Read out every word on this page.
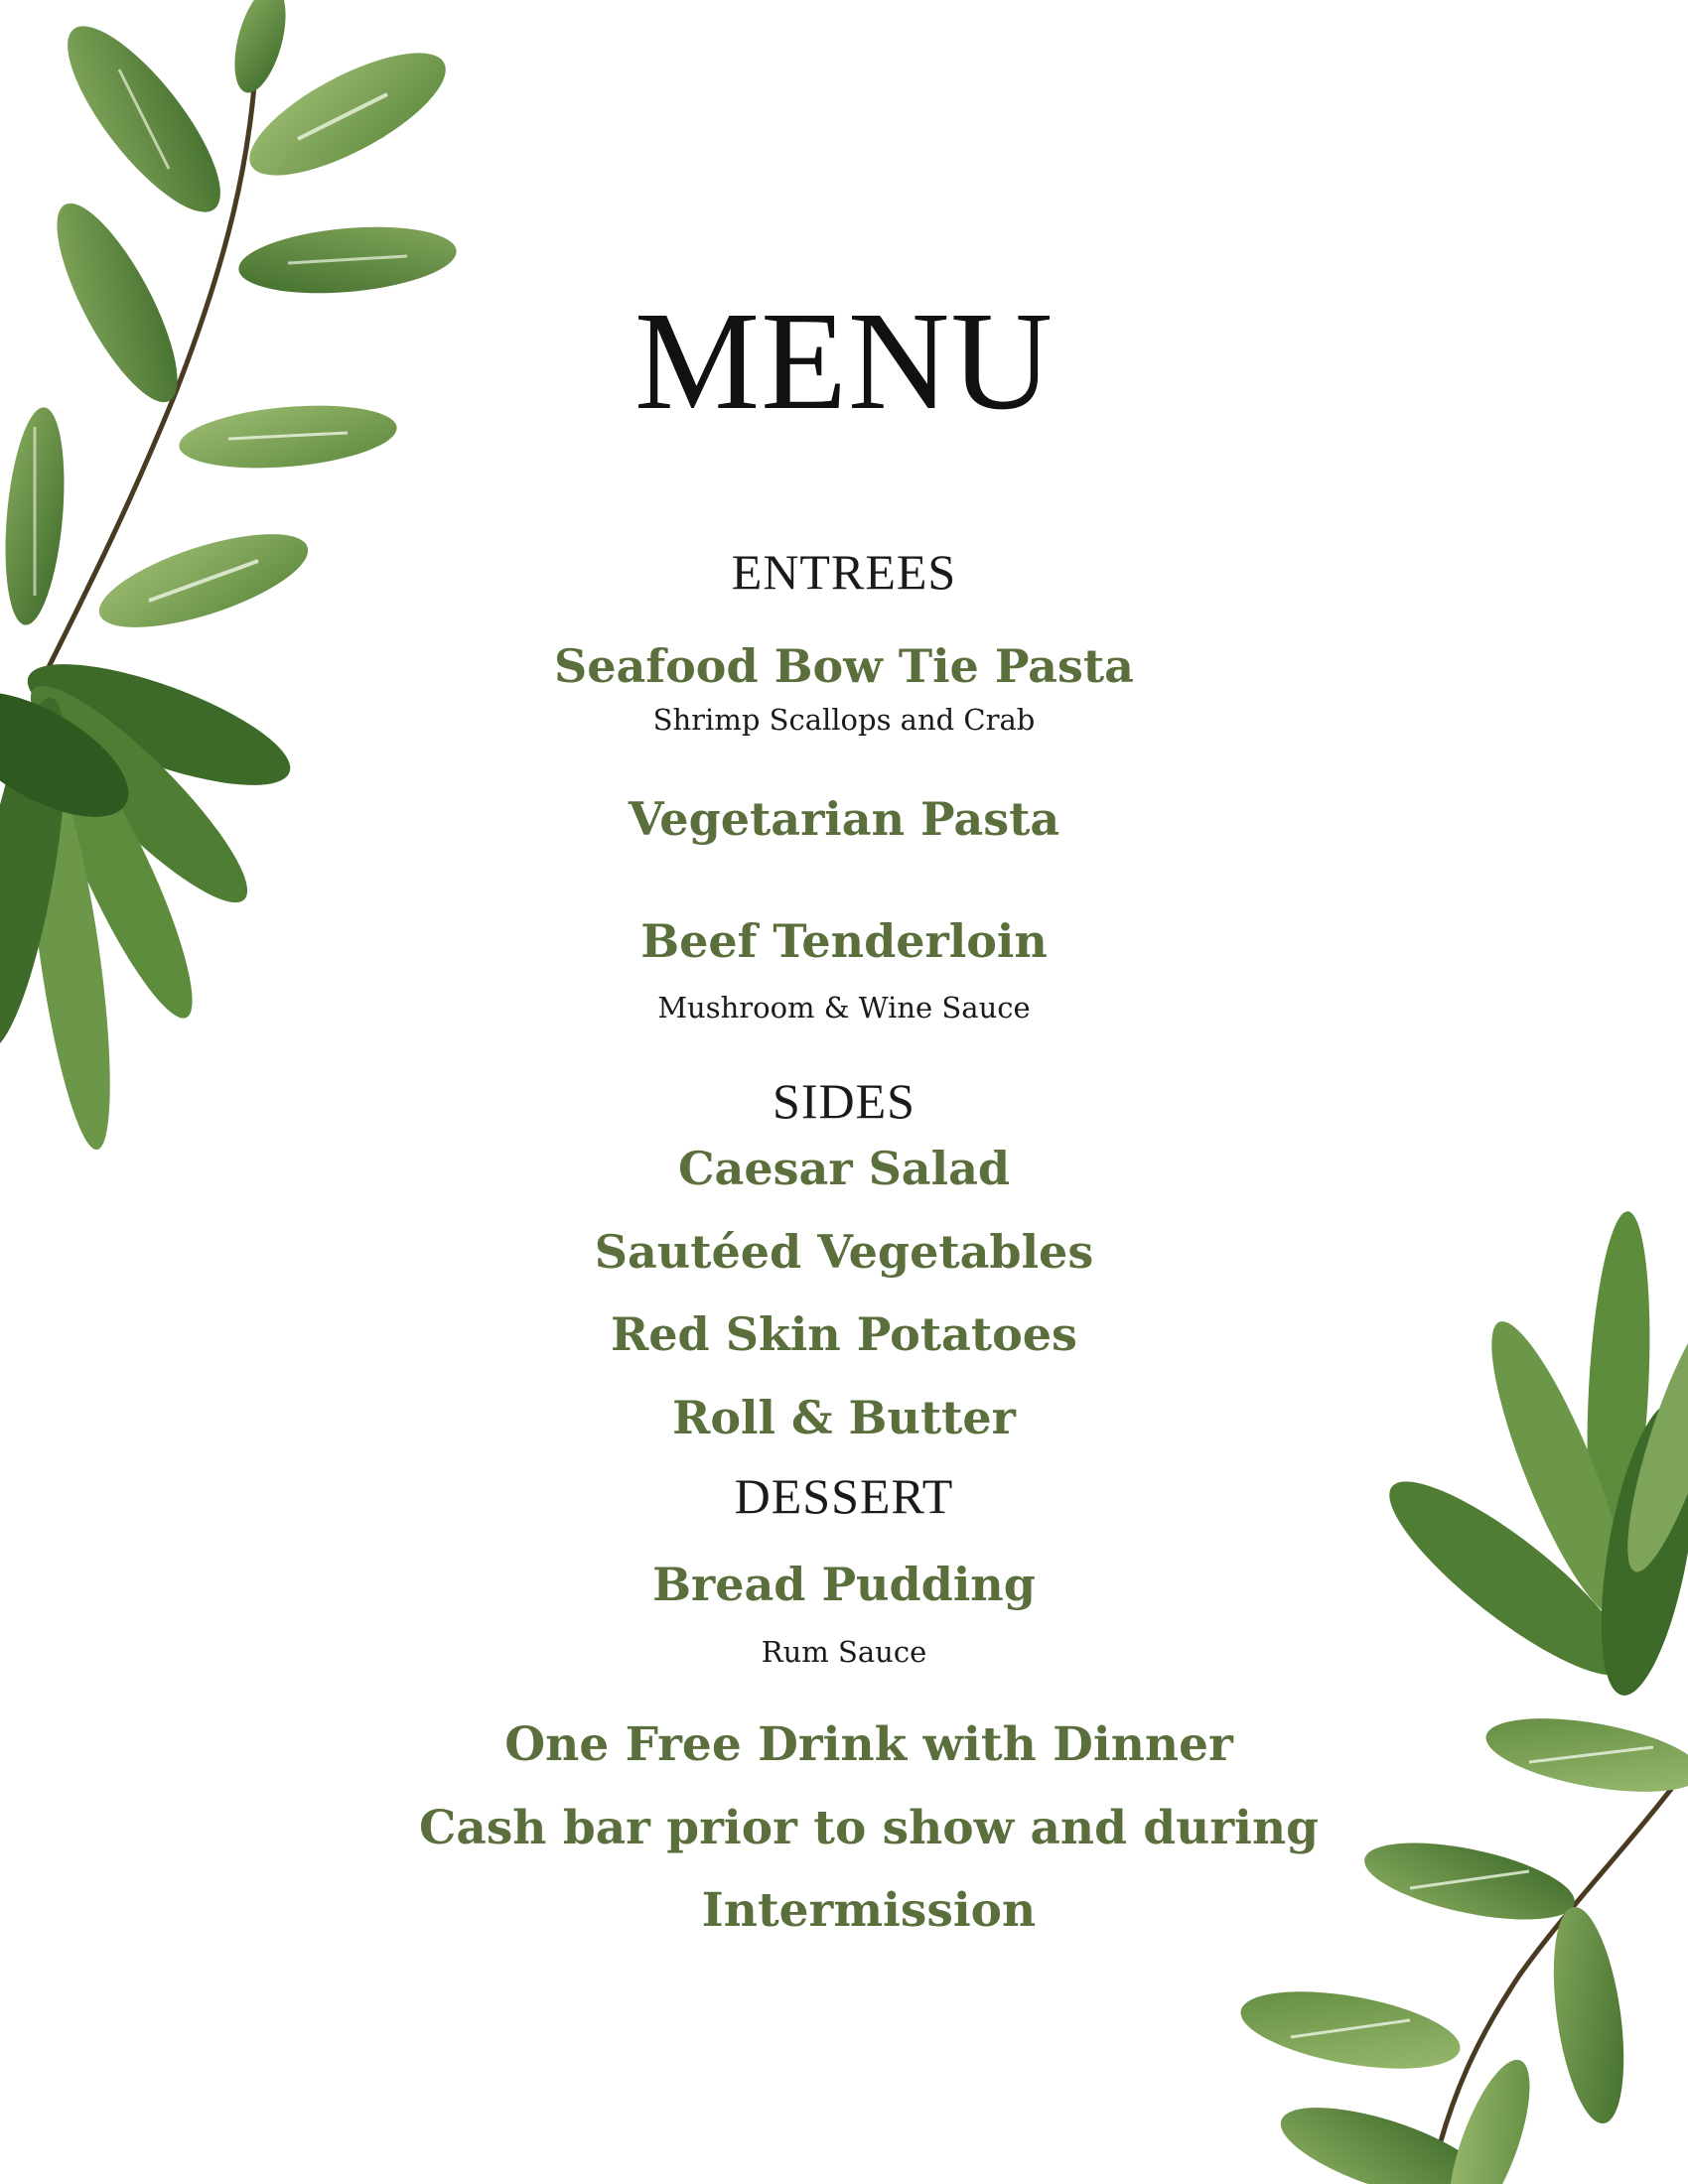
MENU
ENTREES
Seafood Bow Tie Pasta
Shrimp Scallops and Crab
Vegetarian Pasta
Beef Tenderloin
Mushroom & Wine Sauce
SIDES
Caesar Salad
Sautéed Vegetables
Red Skin Potatoes
Roll & Butter
DESSERT
Bread Pudding
Rum Sauce
One Free Drink with Dinner
Cash bar prior to show and during
Intermission
